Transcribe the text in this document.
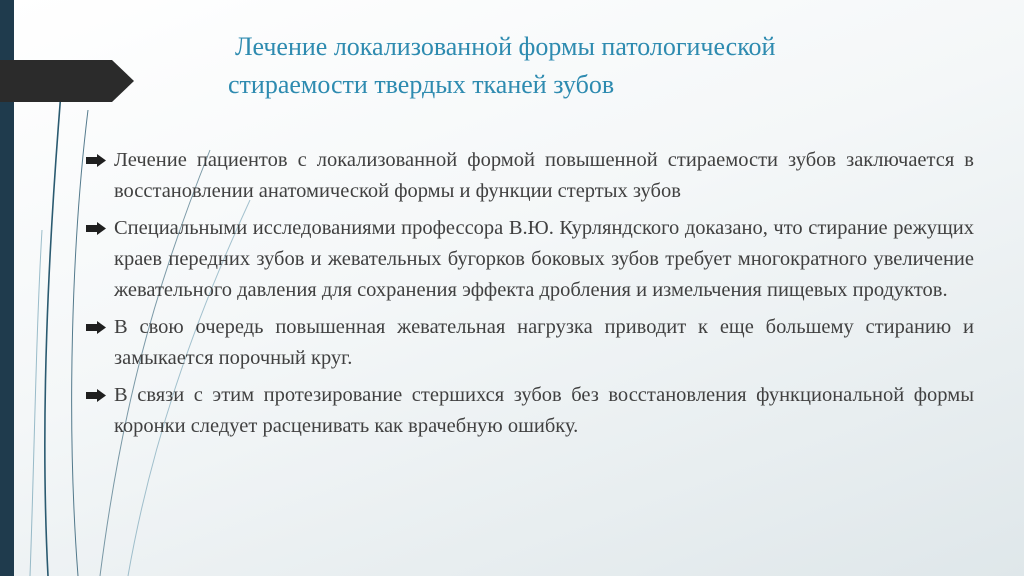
Лечение локализованной формы патологической
стираемости твердых тканей зубов
Лечение пациентов с локализованной формой повышенной стираемости зубов заключается в восстановлении анатомической формы и функции стертых зубов
Специальными исследованиями профессора В.Ю. Курляндского доказано, что стирание режущих краев передних зубов и жевательных бугорков боковых зубов требует многократного увеличение жевательного давления для сохранения эффекта дробления и измельчения пищевых продуктов.
В свою очередь повышенная жевательная нагрузка приводит к еще большему стиранию и замыкается порочный круг.
В связи с этим протезирование стершихся зубов без восстановления функциональной формы коронки следует расценивать как врачебную ошибку.
